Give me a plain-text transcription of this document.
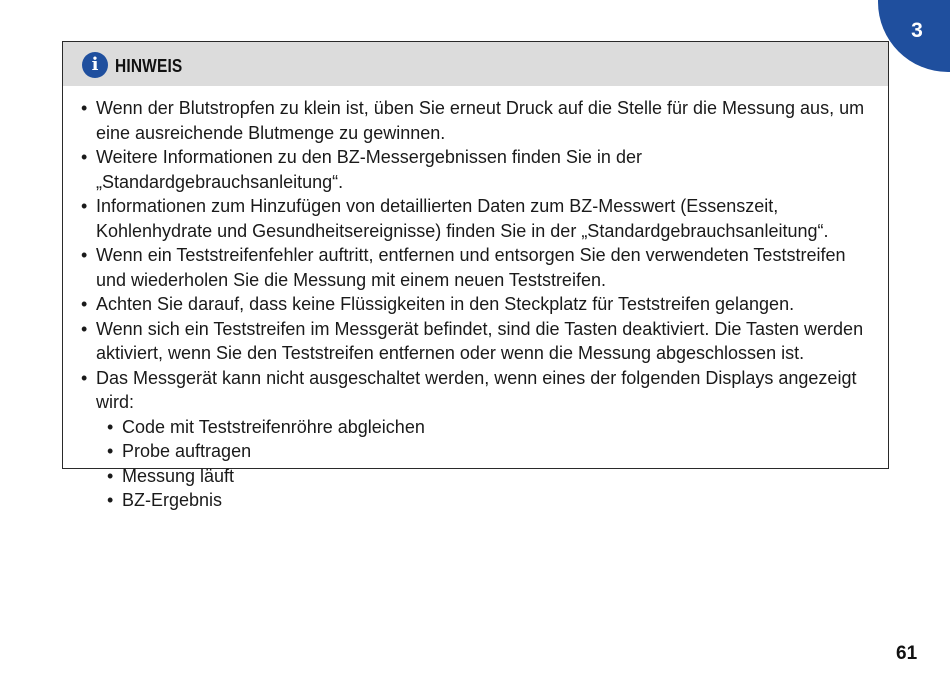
3
i HINWEIS
• Wenn der Blutstropfen zu klein ist, üben Sie erneut Druck auf die Stelle für die Messung aus, um eine ausreichende Blutmenge zu gewinnen.
• Weitere Informationen zu den BZ-Messergebnissen finden Sie in der „Standardgebrauchsanleitung“.
• Informationen zum Hinzufügen von detaillierten Daten zum BZ-Messwert (Essenszeit, Kohlenhydrate und Gesundheitsereignisse) finden Sie in der „Standardgebrauchsanleitung“.
• Wenn ein Teststreifenfehler auftritt, entfernen und entsorgen Sie den verwendeten Teststreifen und wiederholen Sie die Messung mit einem neuen Teststreifen.
• Achten Sie darauf, dass keine Flüssigkeiten in den Steckplatz für Teststreifen gelangen.
• Wenn sich ein Teststreifen im Messgerät befindet, sind die Tasten deaktiviert. Die Tasten werden aktiviert, wenn Sie den Teststreifen entfernen oder wenn die Messung abgeschlossen ist.
• Das Messgerät kann nicht ausgeschaltet werden, wenn eines der folgenden Displays angezeigt wird:
• Code mit Teststreifenröhre abgleichen
• Probe auftragen
• Messung läuft
• BZ-Ergebnis
61
